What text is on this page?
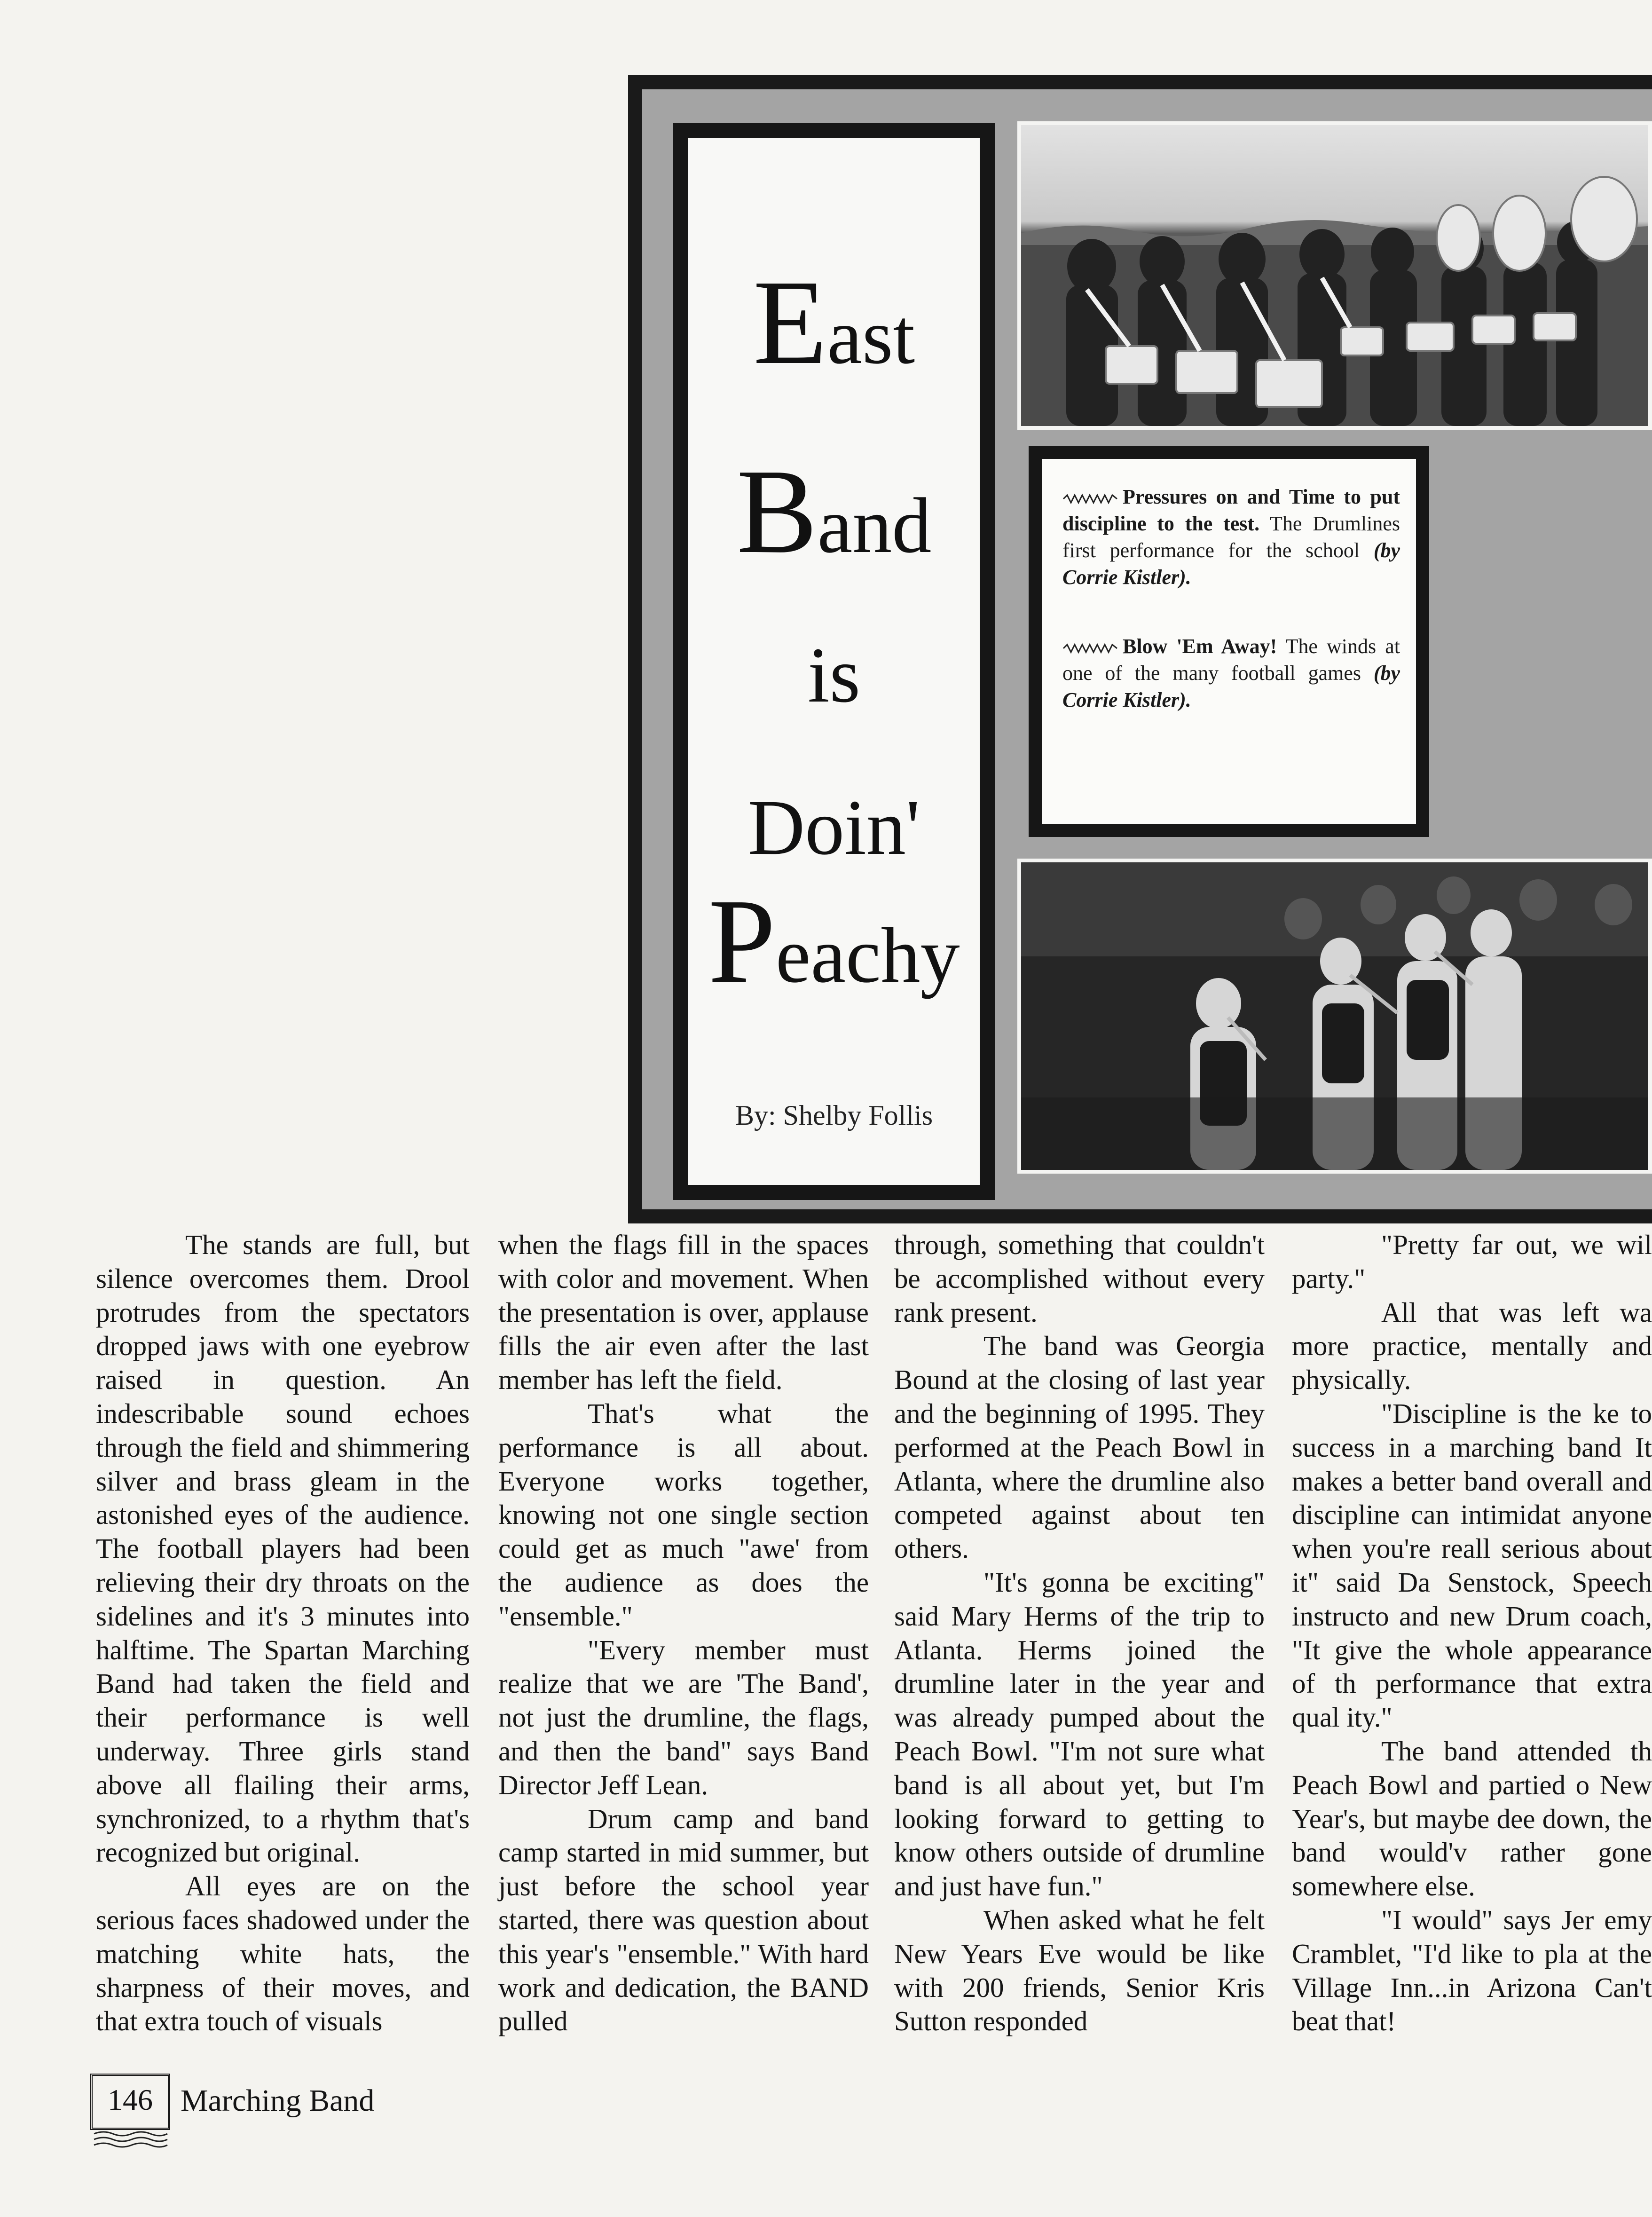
East
Band
is
Doin'
Peachy
By: Shelby Follis

Pressures on and Time to put discipline to the test. The Drumlines first performance for the school (by Corrie Kistler).

Blow 'Em Away! The winds at one of the many football games (by Corrie Kistler).

The stands are full, but silence overcomes them. Drool protrudes from the spectators dropped jaws with one eyebrow raised in question. An indescribable sound echoes through the field and shimmering silver and brass gleam in the astonished eyes of the audience. The football players had been relieving their dry throats on the sidelines and it's 3 minutes into halftime. The Spartan Marching Band had taken the field and their performance is well underway. Three girls stand above all flailing their arms, synchronized, to a rhythm that's recognized but original.

All eyes are on the serious faces shadowed under the matching white hats, the sharpness of their moves, and that extra touch of visuals

when the flags fill in the spaces with color and movement. When the presentation is over, applause fills the air even after the last member has left the field.

That's what the performance is all about. Everyone works together, knowing not one single section could get as much "awe' from the audience as does the "ensemble."

"Every member must realize that we are 'The Band', not just the drumline, the flags, and then the band" says Band Director Jeff Lean.

Drum camp and band camp started in mid summer, but just before the school year started, there was question about this year's "ensemble." With hard work and dedication, the BAND pulled

through, something that couldn't be accomplished without every rank present.

The band was Georgia Bound at the closing of last year and the beginning of 1995. They performed at the Peach Bowl in Atlanta, where the drumline also competed against about ten others.

"It's gonna be exciting" said Mary Herms of the trip to Atlanta. Herms joined the drumline later in the year and was already pumped about the Peach Bowl. "I'm not sure what band is all about yet, but I'm looking forward to getting to know others outside of drumline and just have fun."

When asked what he felt New Years Eve would be like with 200 friends, Senior Kris Sutton responded

"Pretty far out, we wil party."

All that was left wa more practice, mentally and physically.

"Discipline is the ke to success in a marching band It makes a better band overall and discipline can intimidat anyone when you're reall serious about it" said Da Senstock, Speech instructo and new Drum coach, "It give the whole appearance of th performance that extra qual ity."

The band attended th Peach Bowl and partied o New Year's, but maybe dee down, the band would'v rather gone somewhere else.

"I would" says Jer emy Cramblet, "I'd like to pla at the Village Inn...in Arizona Can't beat that!

146 Marching Band
